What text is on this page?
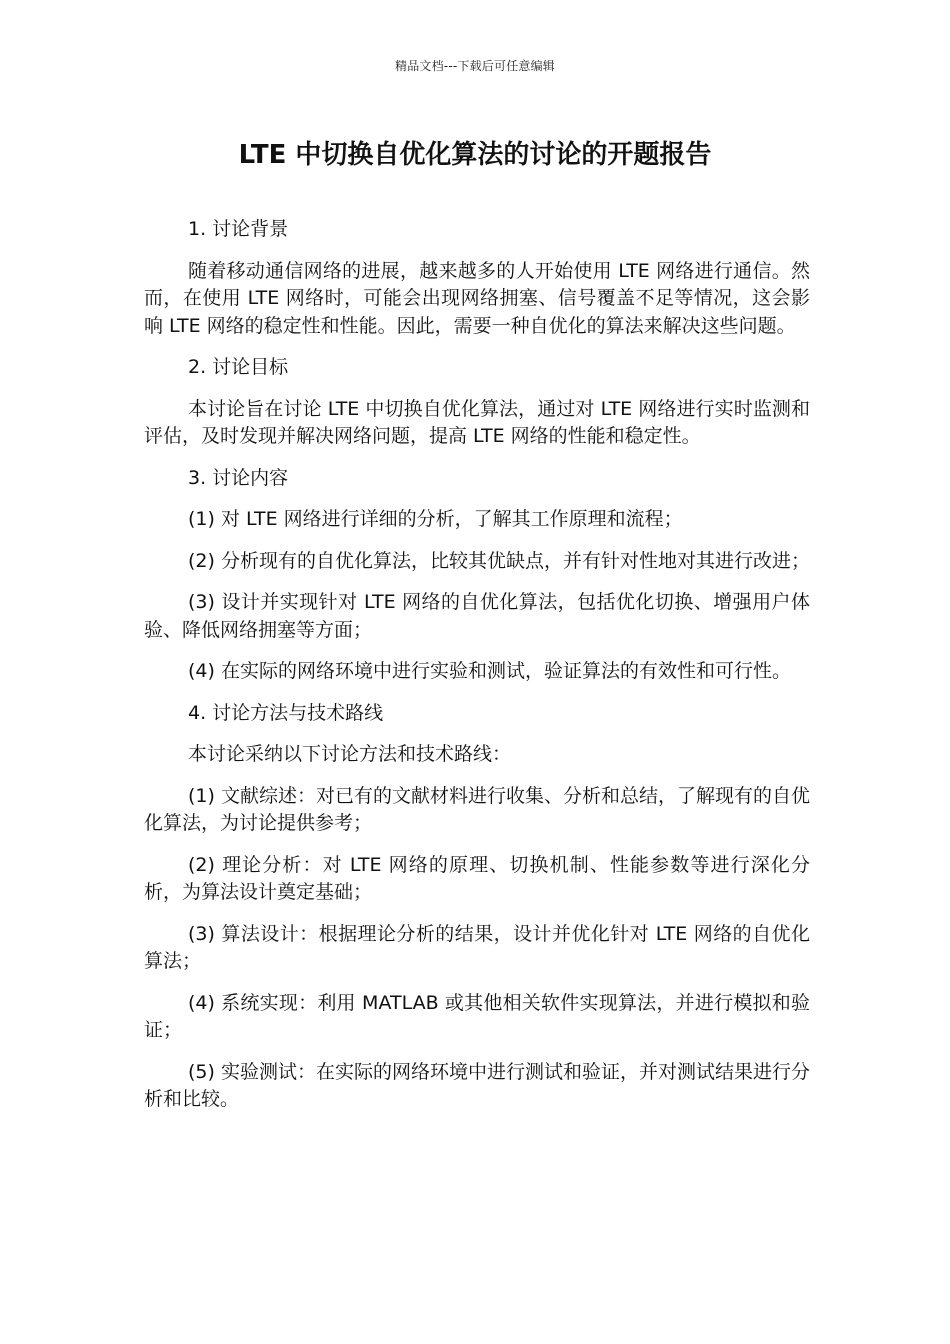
精品文档---下载后可任意编辑
LTE 中切换自优化算法的讨论的开题报告

1. 讨论背景

随着移动通信网络的进展，越来越多的人开始使用 LTE 网络进行通信。然而，在使用 LTE 网络时，可能会出现网络拥塞、信号覆盖不足等情况，这会影响 LTE 网络的稳定性和性能。因此，需要一种自优化的算法来解决这些问题。

2. 讨论目标

本讨论旨在讨论 LTE 中切换自优化算法，通过对 LTE 网络进行实时监测和评估，及时发现并解决网络问题，提高 LTE 网络的性能和稳定性。

3. 讨论内容

(1) 对 LTE 网络进行详细的分析，了解其工作原理和流程；

(2) 分析现有的自优化算法，比较其优缺点，并有针对性地对其进行改进；

(3) 设计并实现针对 LTE 网络的自优化算法，包括优化切换、增强用户体验、降低网络拥塞等方面；

(4) 在实际的网络环境中进行实验和测试，验证算法的有效性和可行性。

4. 讨论方法与技术路线

本讨论采纳以下讨论方法和技术路线：

(1) 文献综述：对已有的文献材料进行收集、分析和总结，了解现有的自优化算法，为讨论提供参考；

(2) 理论分析：对 LTE 网络的原理、切换机制、性能参数等进行深化分析，为算法设计奠定基础；

(3) 算法设计：根据理论分析的结果，设计并优化针对 LTE 网络的自优化算法；

(4) 系统实现：利用 MATLAB 或其他相关软件实现算法，并进行模拟和验证；

(5) 实验测试：在实际的网络环境中进行测试和验证，并对测试结果进行分析和比较。
